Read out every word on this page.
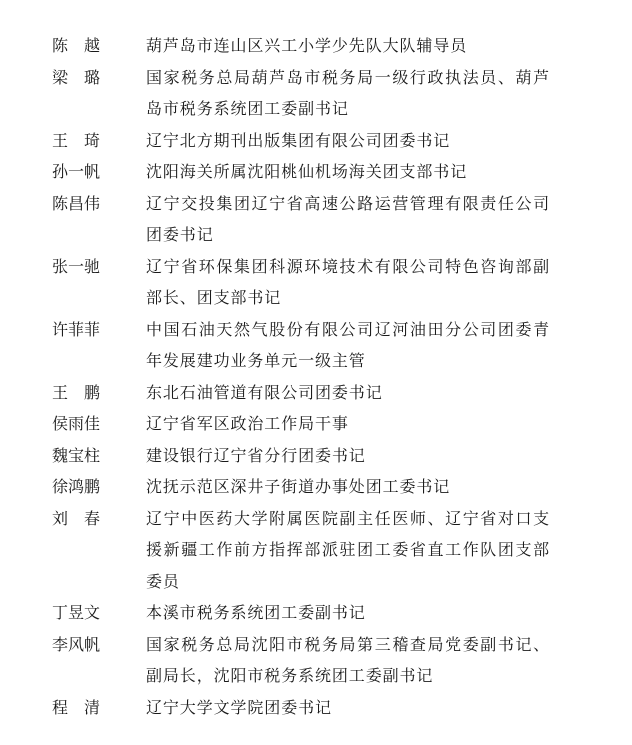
陈　越	葫芦岛市连山区兴工小学少先队大队辅导员
梁　璐	国家税务总局葫芦岛市税务局一级行政执法员、葫芦岛市税务系统团工委副书记
王　琦	辽宁北方期刊出版集团有限公司团委书记
孙一帆	沈阳海关所属沈阳桃仙机场海关团支部书记
陈昌伟	辽宁交投集团辽宁省高速公路运营管理有限责任公司团委书记
张一驰	辽宁省环保集团科源环境技术有限公司特色咨询部副部长、团支部书记
许菲菲	中国石油天然气股份有限公司辽河油田分公司团委青年发展建功业务单元一级主管
王　鹏	东北石油管道有限公司团委书记
侯雨佳	辽宁省军区政治工作局干事
魏宝柱	建设银行辽宁省分行团委书记
徐鸿鹏	沈抚示范区深井子街道办事处团工委书记
刘　春	辽宁中医药大学附属医院副主任医师、辽宁省对口支援新疆工作前方指挥部派驻团工委省直工作队团支部委员
丁昱文	本溪市税务系统团工委副书记
李风帆	国家税务总局沈阳市税务局第三稽查局党委副书记、副局长，沈阳市税务系统团工委副书记
程　清	辽宁大学文学院团委书记
